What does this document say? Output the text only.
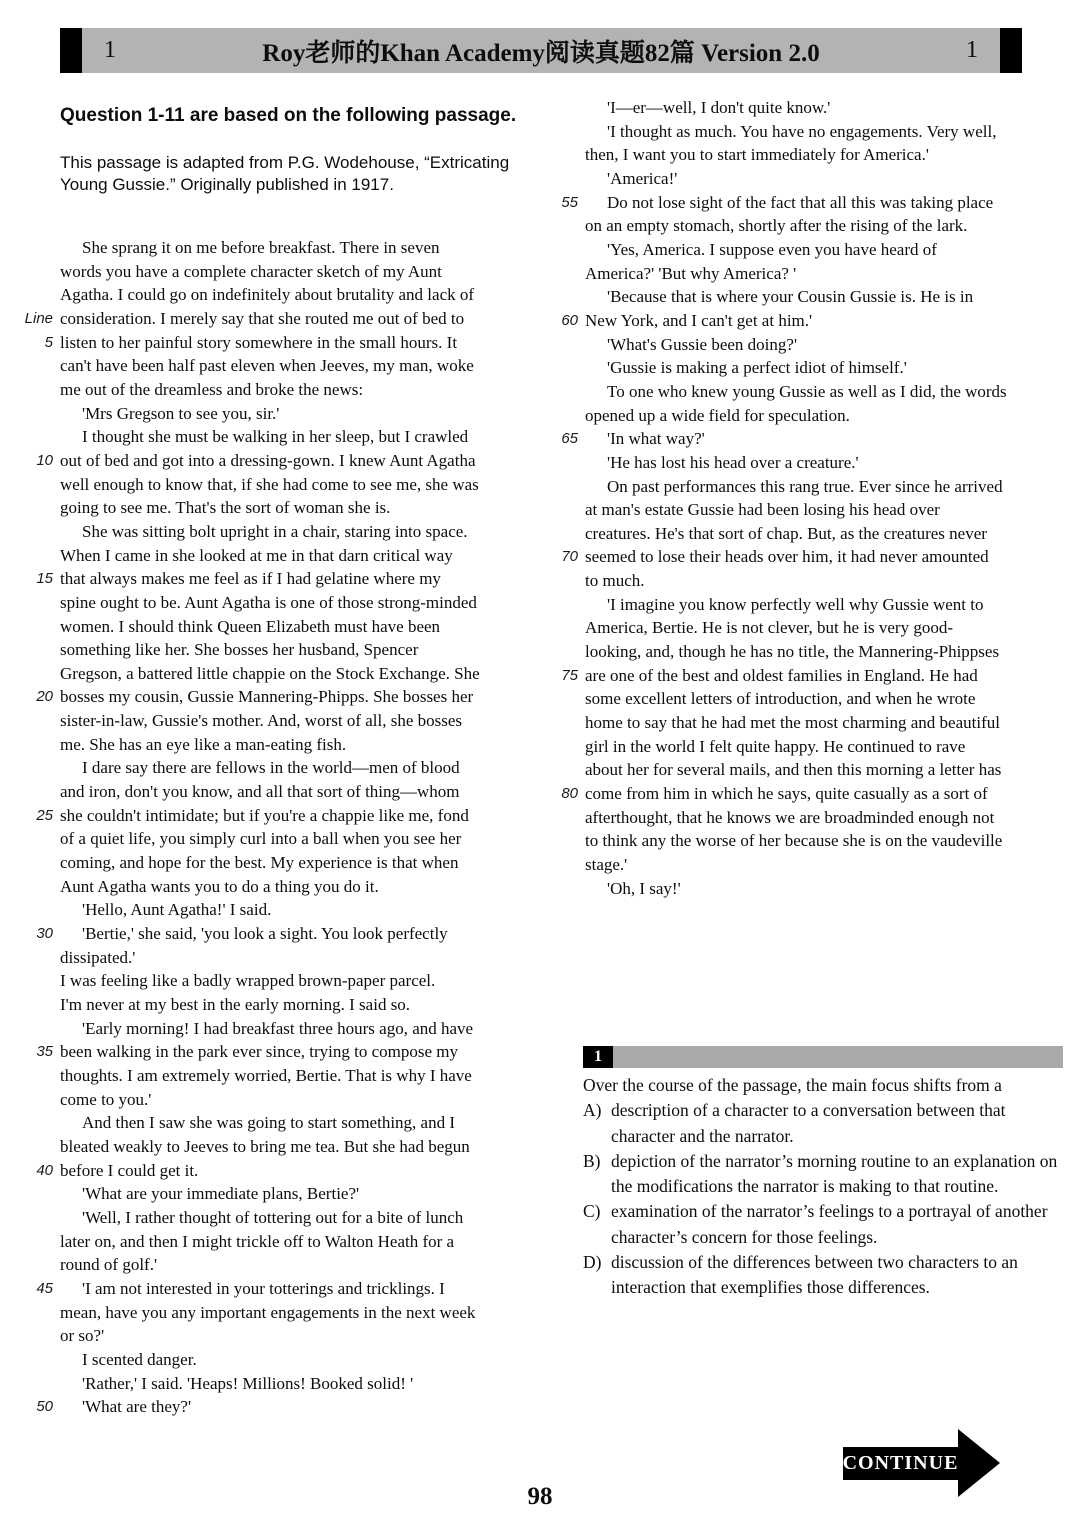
1	Roy老师的Khan Academy阅读真题82篇 Version 2.0	1
Question 1-11 are based on the following passage.
This passage is adapted from P.G. Wodehouse, “Extricating Young Gussie.” Originally published in 1917.
She sprang it on me before breakfast. There in seven
words you have a complete character sketch of my Aunt
Agatha. I could go on indefinitely about brutality and lack of
Line consideration. I merely say that she routed me out of bed to
5 listen to her painful story somewhere in the small hours. It
can't have been half past eleven when Jeeves, my man, woke
me out of the dreamless and broke the news:
'Mrs Gregson to see you, sir.'
I thought she must be walking in her sleep, but I crawled
10 out of bed and got into a dressing-gown. I knew Aunt Agatha
well enough to know that, if she had come to see me, she was
going to see me. That's the sort of woman she is.
She was sitting bolt upright in a chair, staring into space.
When I came in she looked at me in that darn critical way
15 that always makes me feel as if I had gelatine where my
spine ought to be. Aunt Agatha is one of those strong-minded
women. I should think Queen Elizabeth must have been
something like her. She bosses her husband, Spencer
Gregson, a battered little chappie on the Stock Exchange. She
20 bosses my cousin, Gussie Mannering-Phipps. She bosses her
sister-in-law, Gussie's mother. And, worst of all, she bosses
me. She has an eye like a man-eating fish.
I dare say there are fellows in the world—men of blood
and iron, don't you know, and all that sort of thing—whom
25 she couldn't intimidate; but if you're a chappie like me, fond
of a quiet life, you simply curl into a ball when you see her
coming, and hope for the best. My experience is that when
Aunt Agatha wants you to do a thing you do it.
'Hello, Aunt Agatha!' I said.
30	'Bertie,' she said, 'you look a sight. You look perfectly
dissipated.'
I was feeling like a badly wrapped brown-paper parcel.
I'm never at my best in the early morning. I said so.
'Early morning! I had breakfast three hours ago, and have
35 been walking in the park ever since, trying to compose my
thoughts. I am extremely worried, Bertie. That is why I have
come to you.'
And then I saw she was going to start something, and I
bleated weakly to Jeeves to bring me tea. But she had begun
40 before I could get it.
'What are your immediate plans, Bertie?'
'Well, I rather thought of tottering out for a bite of lunch
later on, and then I might trickle off to Walton Heath for a
round of golf.'
45	'I am not interested in your totterings and tricklings. I
mean, have you any important engagements in the next week
or so?'
I scented danger.
'Rather,' I said. 'Heaps! Millions! Booked solid! '
50	'What are they?'
'I—er—well, I don't quite know.'
'I thought as much. You have no engagements. Very well,
then, I want you to start immediately for America.'
'America!'
55	Do not lose sight of the fact that all this was taking place
on an empty stomach, shortly after the rising of the lark.
'Yes, America. I suppose even you have heard of
America?' 'But why America? '
'Because that is where your Cousin Gussie is. He is in
60 New York, and I can't get at him.'
'What's Gussie been doing?'
'Gussie is making a perfect idiot of himself.'
To one who knew young Gussie as well as I did, the words
opened up a wide field for speculation.
65	'In what way?'
'He has lost his head over a creature.'
On past performances this rang true. Ever since he arrived
at man's estate Gussie had been losing his head over
creatures. He's that sort of chap. But, as the creatures never
70 seemed to lose their heads over him, it had never amounted
to much.
'I imagine you know perfectly well why Gussie went to
America, Bertie. He is not clever, but he is very good-
looking, and, though he has no title, the Mannering-Phippses
75 are one of the best and oldest families in England. He had
some excellent letters of introduction, and when he wrote
home to say that he had met the most charming and beautiful
girl in the world I felt quite happy. He continued to rave
about her for several mails, and then this morning a letter has
80 come from him in which he says, quite casually as a sort of
afterthought, that he knows we are broadminded enough not
to think any the worse of her because she is on the vaudeville
stage.'
'Oh, I say!'
1
Over the course of the passage, the main focus shifts from a
A) description of a character to a conversation between that character and the narrator.
B) depiction of the narrator’s morning routine to an explanation on the modifications the narrator is making to that routine.
C) examination of the narrator’s feelings to a portrayal of another character’s concern for those feelings.
D) discussion of the differences between two characters to an interaction that exemplifies those differences.
98
CONTINUE
